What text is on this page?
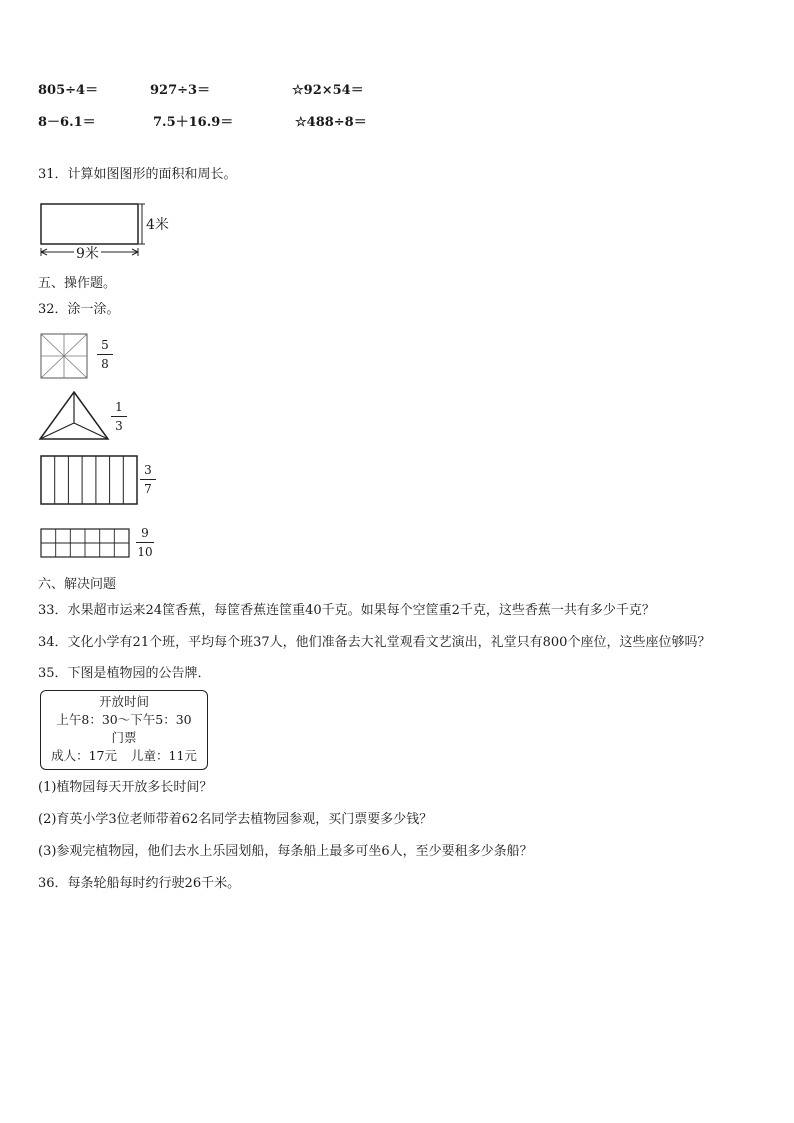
805÷4＝	927÷3＝	☆92×54＝
8－6.1＝	7.5＋16.9＝	☆488÷8＝
31．计算如图图形的面积和周长。
4米
9米
五、操作题。
32．涂一涂。
5
8
1
3
3
7
9
10
六、解决问题
33．水果超市运来24筐香蕉，每筐香蕉连筐重40千克。如果每个空筐重2千克，这些香蕉一共有多少千克？
34．文化小学有21个班，平均每个班37人，他们准备去大礼堂观看文艺演出，礼堂只有800个座位，这些座位够吗？
35．下图是植物园的公告牌．
开放时间
上午8：30～下午5：30
门票
成人：17元 儿童：11元
(1)植物园每天开放多长时间？
(2)育英小学3位老师带着62名同学去植物园参观，买门票要多少钱？
(3)参观完植物园，他们去水上乐园划船，每条船上最多可坐6人，至少要租多少条船？
36．每条轮船每时约行驶26千米。
